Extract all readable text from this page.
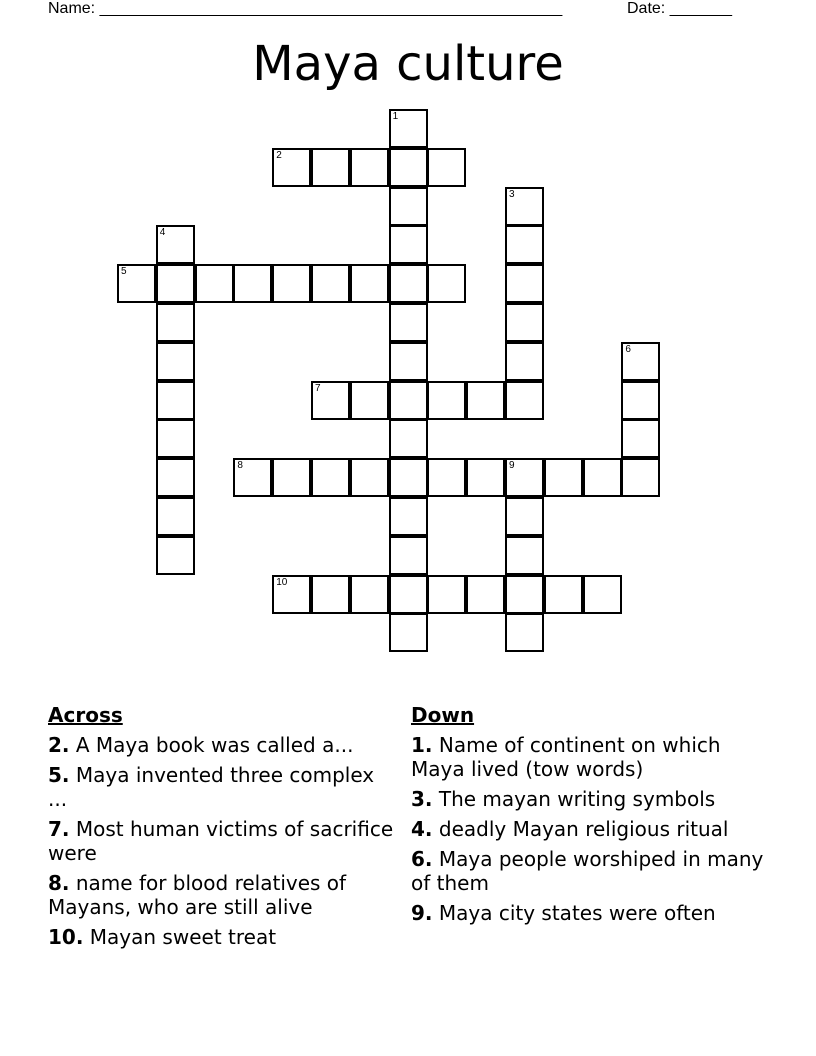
Name: ____________________________________________________	Date: _______
Maya culture
2
5
7
8	9
10
1
3
4
6
Across
2. A Maya book was called a...
5. Maya invented three complex ...
7. Most human victims of sacrifice were
8. name for blood relatives of Mayans, who are still alive
10. Mayan sweet treat
Down
1. Name of continent on which Maya lived (tow words)
3. The mayan writing symbols
4. deadly Mayan religious ritual
6. Maya people worshiped in many of them
9. Maya city states were often
